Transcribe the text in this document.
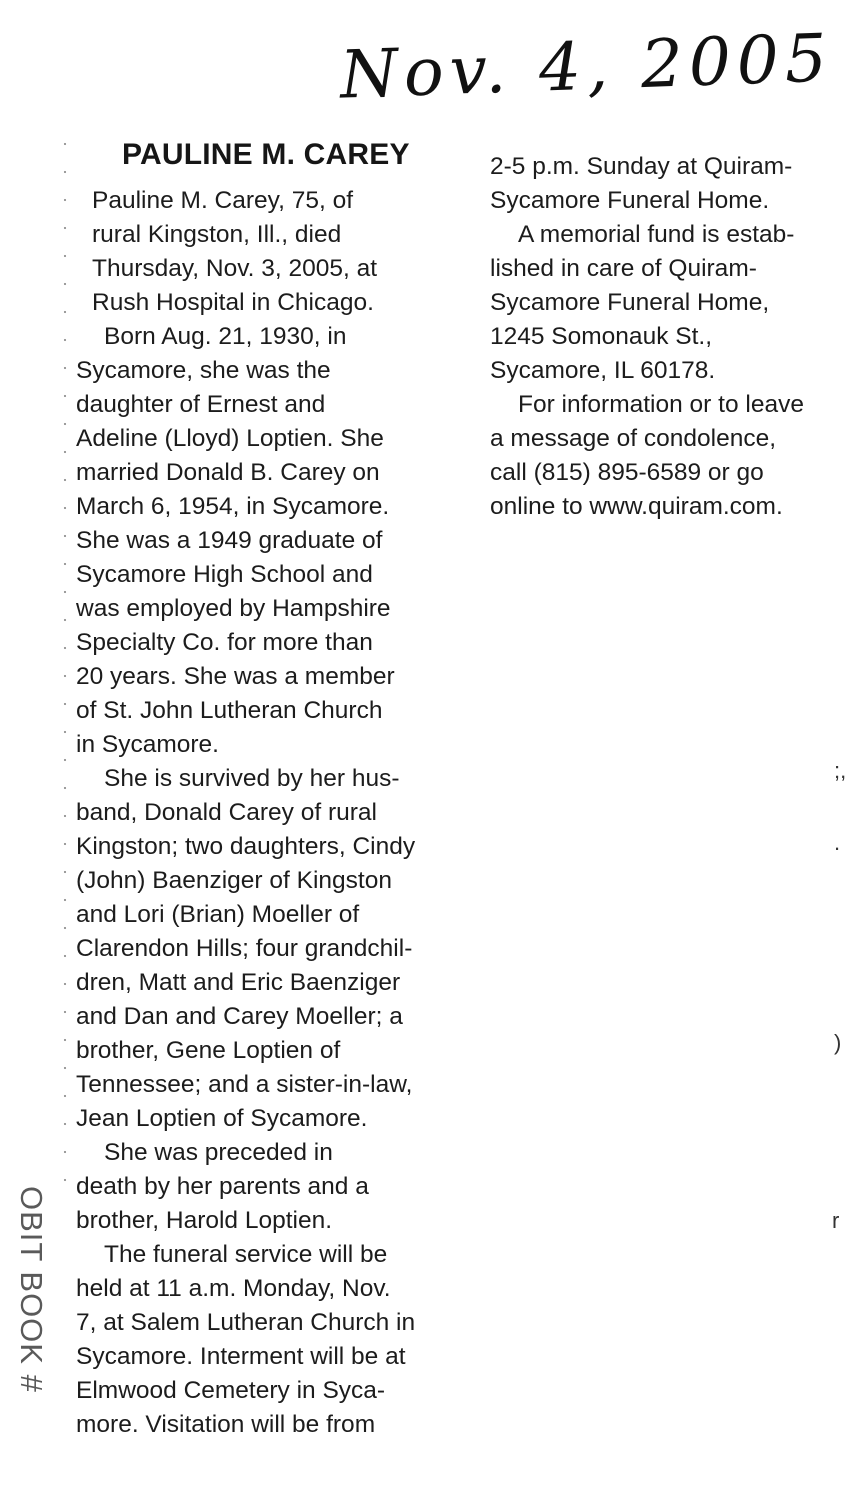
Nov. 4, 2005
PAULINE M. CAREY
Pauline M. Carey, 75, of
rural Kingston, Ill., died
Thursday, Nov. 3, 2005, at
Rush Hospital in Chicago.
Born Aug. 21, 1930, in
Sycamore, she was the
daughter of Ernest and
Adeline (Lloyd) Loptien. She
married Donald B. Carey on
March 6, 1954, in Sycamore.
She was a 1949 graduate of
Sycamore High School and
was employed by Hampshire
Specialty Co. for more than
20 years. She was a member
of St. John Lutheran Church
in Sycamore.
She is survived by her hus-
band, Donald Carey of rural
Kingston; two daughters, Cindy
(John) Baenziger of Kingston
and Lori (Brian) Moeller of
Clarendon Hills; four grandchil-
dren, Matt and Eric Baenziger
and Dan and Carey Moeller; a
brother, Gene Loptien of
Tennessee; and a sister-in-law,
Jean Loptien of Sycamore.
She was preceded in
death by her parents and a
brother, Harold Loptien.
The funeral service will be
held at 11 a.m. Monday, Nov.
7, at Salem Lutheran Church in
Sycamore. Interment will be at
Elmwood Cemetery in Syca-
more. Visitation will be from
2-5 p.m. Sunday at Quiram-
Sycamore Funeral Home.
A memorial fund is estab-
lished in care of Quiram-
Sycamore Funeral Home,
1245 Somonauk St.,
Sycamore, IL 60178.
For information or to leave
a message of condolence,
call (815) 895-6589 or go
online to www.quiram.com.
OBIT BOOK #
;,
.
)
r
